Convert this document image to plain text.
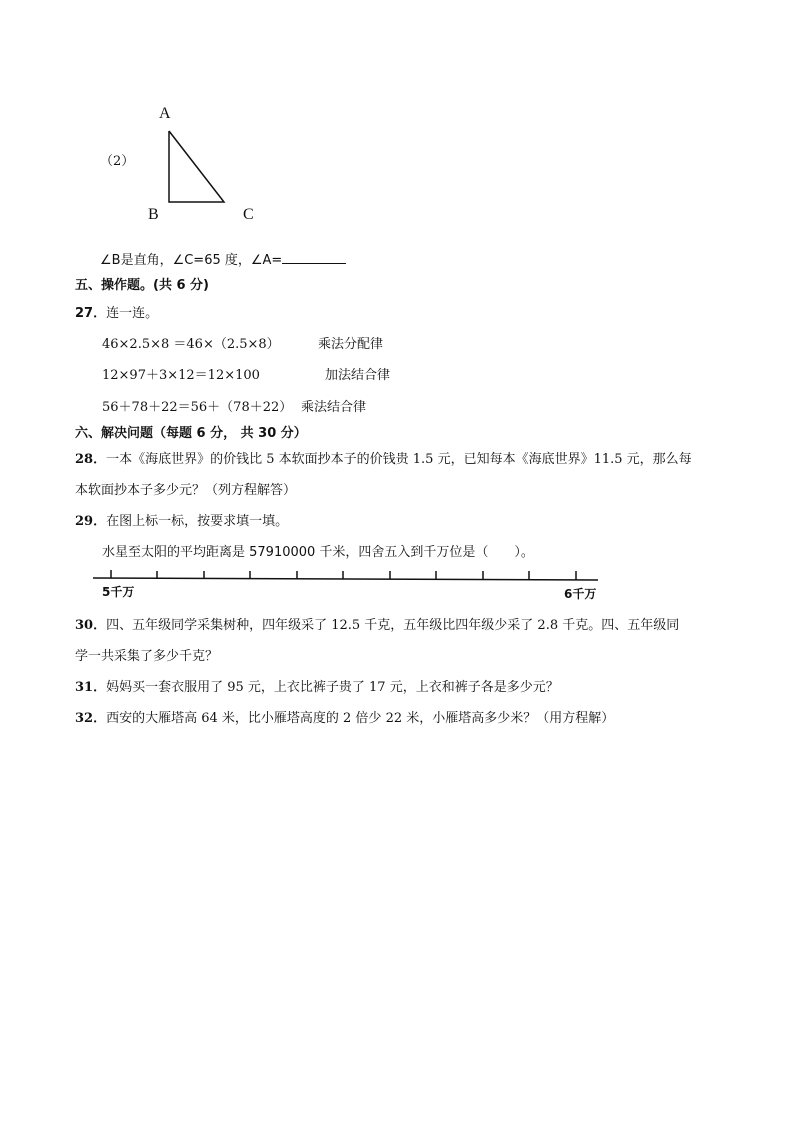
（2）
A
B	C
∠B是直角，∠C=65 度，∠A=
五、操作题。(共 6 分)
27．连一连。
46×2.5×8 ＝46×（2.5×8）	乘法分配律
12×97＋3×12＝12×100	加法结合律
56＋78＋22＝56＋（78＋22） 乘法结合律
六、解决问题（每题 6 分， 共 30 分）
28．一本《海底世界》的价钱比 5 本软面抄本子的价钱贵 1.5 元，已知每本《海底世界》11.5 元，那么每
本软面抄本子多少元？（列方程解答）
29．在图上标一标，按要求填一填。
水星至太阳的平均距离是 57910000 千米，四舍五入到千万位是（　　）。
5千万	6千万
30．四、五年级同学采集树种，四年级采了 12.5 千克，五年级比四年级少采了 2.8 千克。四、五年级同
学一共采集了多少千克？
31．妈妈买一套衣服用了 95 元，上衣比裤子贵了 17 元，上衣和裤子各是多少元？
32．西安的大雁塔高 64 米，比小雁塔高度的 2 倍少 22 米，小雁塔高多少米？（用方程解）
